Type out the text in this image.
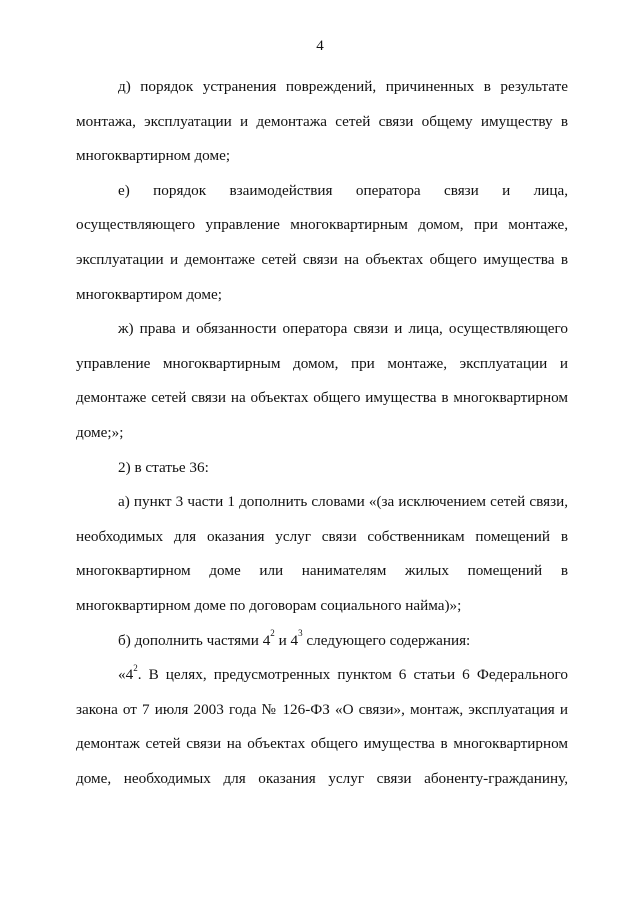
4

д) порядок устранения повреждений, причиненных в результате монтажа, эксплуатации и демонтажа сетей связи общему имуществу в многоквартирном доме;

е) порядок взаимодействия оператора связи и лица, осуществляющего управление многоквартирным домом, при монтаже, эксплуатации и демонтаже сетей связи на объектах общего имущества в многоквартиром доме;

ж) права и обязанности оператора связи и лица, осуществляющего управление многоквартирным домом, при монтаже, эксплуатации и демонтаже сетей связи на объектах общего имущества в многоквартирном доме;»;

2) в статье 36:

а) пункт 3 части 1 дополнить словами «(за исключением сетей связи, необходимых для оказания услуг связи собственникам помещений в многоквартирном доме или нанимателям жилых помещений в многоквартирном доме по договорам социального найма)»;

б) дополнить частями $4^2$ и $4^3$ следующего содержания:

«$4^2$. В целях, предусмотренных пунктом 6 статьи 6 Федерального закона от 7 июля 2003 года № 126-ФЗ «О связи», монтаж, эксплуатация и демонтаж сетей связи на объектах общего имущества в многоквартирном доме, необходимых для оказания услуг связи абоненту-гражданину,
